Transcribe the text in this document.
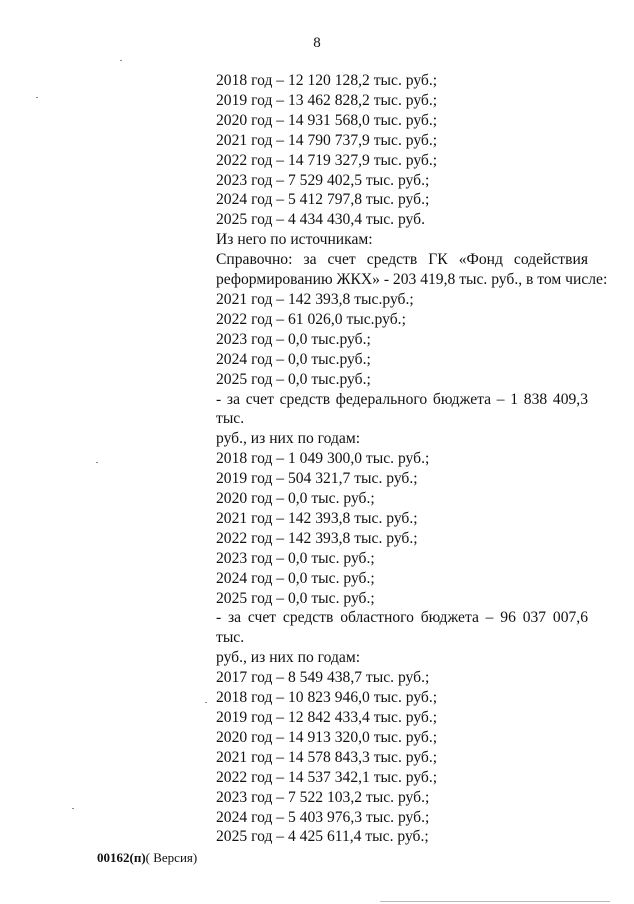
8
2018 год – 12 120 128,2 тыс. руб.;
2019 год – 13 462 828,2 тыс. руб.;
2020 год – 14 931 568,0 тыс. руб.;
2021 год – 14 790 737,9 тыс. руб.;
2022 год – 14 719 327,9 тыс. руб.;
2023 год – 7 529 402,5 тыс. руб.;
2024 год – 5 412 797,8 тыс. руб.;
2025 год – 4 434 430,4 тыс. руб.
Из него по источникам:
Справочно: за счет средств ГК «Фонд содействия
реформированию ЖКХ» - 203 419,8 тыс. руб., в том числе:
2021 год – 142 393,8 тыс.руб.;
2022 год – 61 026,0 тыс.руб.;
2023 год – 0,0 тыс.руб.;
2024 год – 0,0 тыс.руб.;
2025 год – 0,0 тыс.руб.;
- за счет средств федерального бюджета – 1 838 409,3 тыс.
руб., из них по годам:
2018 год – 1 049 300,0 тыс. руб.;
2019 год – 504 321,7 тыс. руб.;
2020 год – 0,0 тыс. руб.;
2021 год – 142 393,8 тыс. руб.;
2022 год – 142 393,8 тыс. руб.;
2023 год – 0,0 тыс. руб.;
2024 год – 0,0 тыс. руб.;
2025 год – 0,0 тыс. руб.;
- за счет средств областного бюджета – 96 037 007,6 тыс.
руб., из них по годам:
2017 год – 8 549 438,7 тыс. руб.;
2018 год – 10 823 946,0 тыс. руб.;
2019 год – 12 842 433,4 тыс. руб.;
2020 год – 14 913 320,0 тыс. руб.;
2021 год – 14 578 843,3 тыс. руб.;
2022 год – 14 537 342,1 тыс. руб.;
2023 год – 7 522 103,2 тыс. руб.;
2024 год – 5 403 976,3 тыс. руб.;
2025 год – 4 425 611,4 тыс. руб.;
00162(п)( Версия)
